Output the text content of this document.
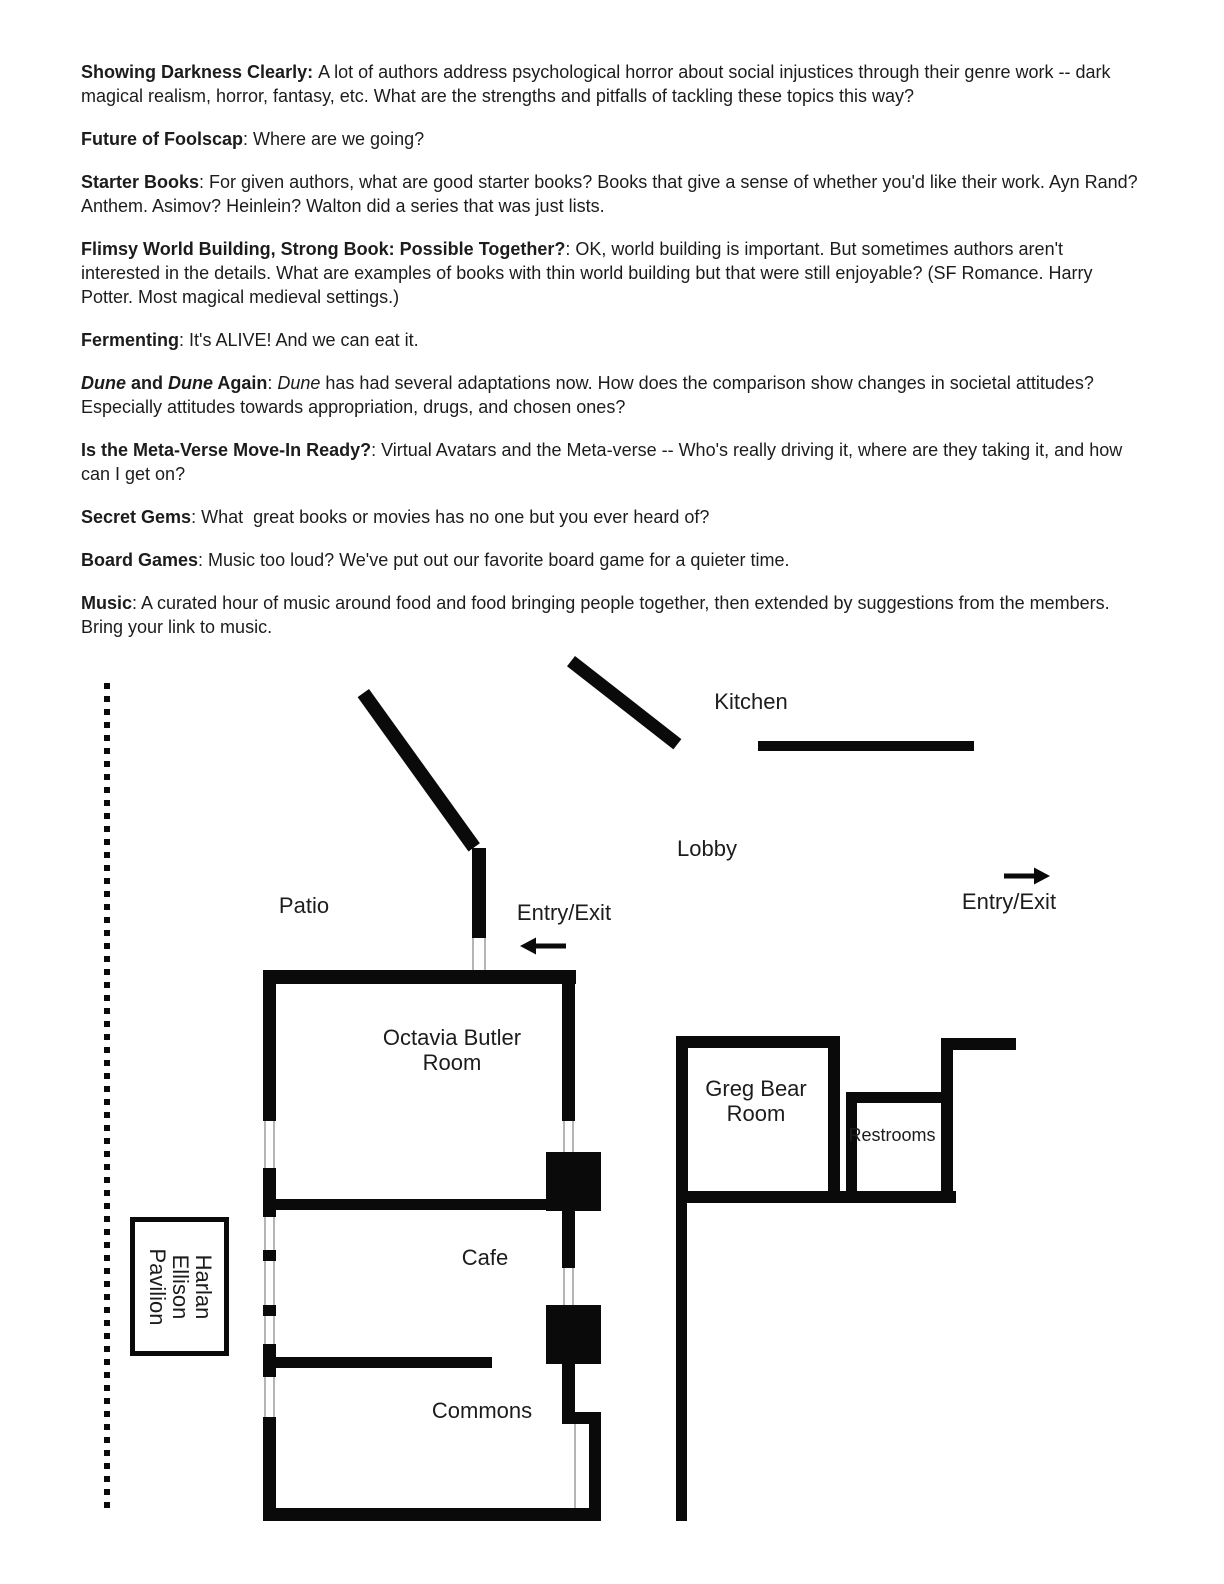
Showing Darkness Clearly: A lot of authors address psychological horror about social injustices through their genre work -- dark magical realism, horror, fantasy, etc. What are the strengths and pitfalls of tackling these topics this way?

Future of Foolscap: Where are we going?

Starter Books: For given authors, what are good starter books? Books that give a sense of whether you'd like their work. Ayn Rand? Anthem. Asimov? Heinlein? Walton did a series that was just lists.

Flimsy World Building, Strong Book: Possible Together?: OK, world building is important. But sometimes authors aren't interested in the details. What are examples of books with thin world building but that were still enjoyable? (SF Romance. Harry Potter. Most magical medieval settings.)

Fermenting: It's ALIVE! And we can eat it.

Dune and Dune Again: Dune has had several adaptations now. How does the comparison show changes in societal attitudes? Especially attitudes towards appropriation, drugs, and chosen ones?

Is the Meta-Verse Move-In Ready?: Virtual Avatars and the Meta-verse -- Who's really driving it, where are they taking it, and how can I get on?

Secret Gems: What  great books or movies has no one but you ever heard of?

Board Games: Music too loud? We've put out our favorite board game for a quieter time.

Music: A curated hour of music around food and food bringing people together, then extended by suggestions from the members. Bring your link to music.

Harlan Ellison Pavilion
Kitchen
Lobby
Patio	Entry/Exit	Entry/Exit
Octavia Butler Room
Greg Bear Room
Restrooms
Cafe
Commons
